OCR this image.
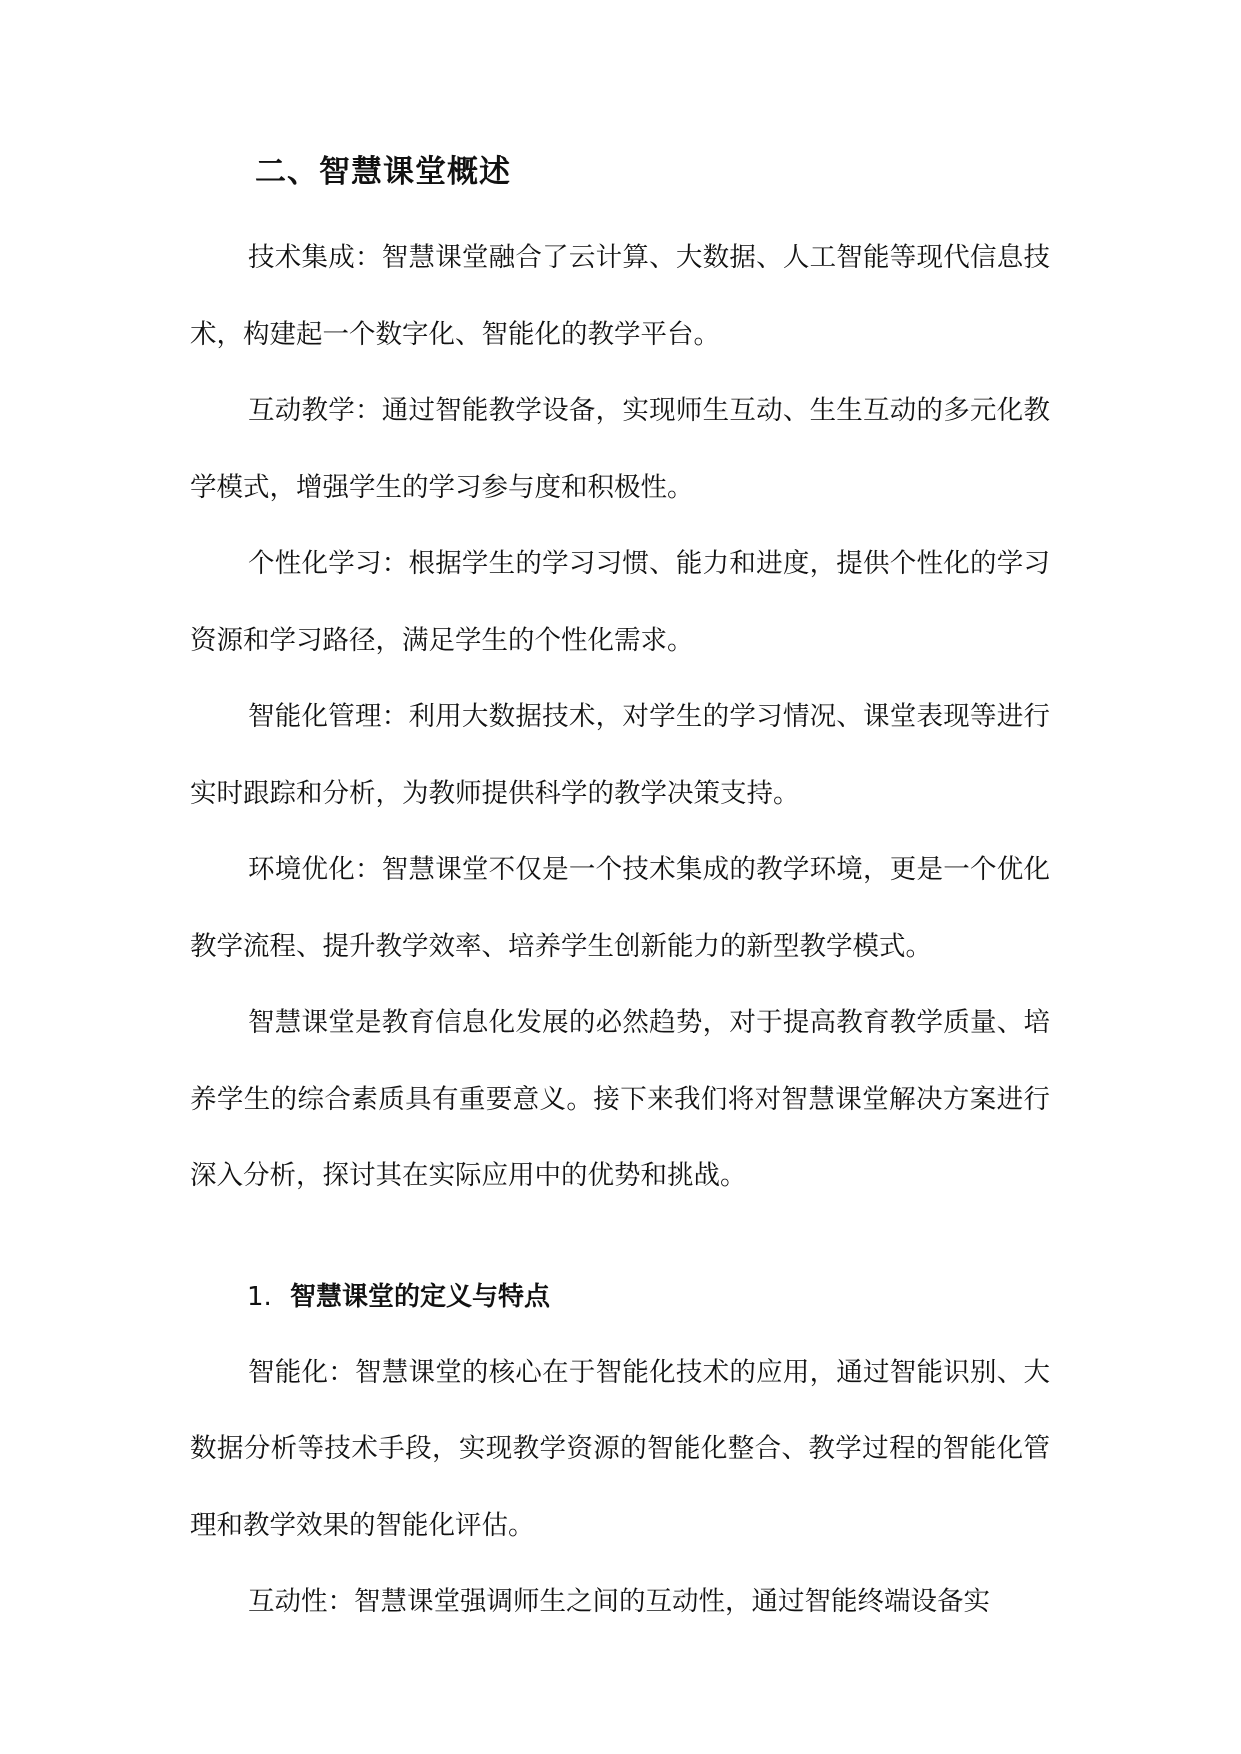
二、智慧课堂概述

技术集成：智慧课堂融合了云计算、大数据、人工智能等现代信息技术，构建起一个数字化、智能化的教学平台。

互动教学：通过智能教学设备，实现师生互动、生生互动的多元化教学模式，增强学生的学习参与度和积极性。

个性化学习：根据学生的学习习惯、能力和进度，提供个性化的学习资源和学习路径，满足学生的个性化需求。

智能化管理：利用大数据技术，对学生的学习情况、课堂表现等进行实时跟踪和分析，为教师提供科学的教学决策支持。

环境优化：智慧课堂不仅是一个技术集成的教学环境，更是一个优化教学流程、提升教学效率、培养学生创新能力的新型教学模式。

智慧课堂是教育信息化发展的必然趋势，对于提高教育教学质量、培养学生的综合素质具有重要意义。接下来我们将对智慧课堂解决方案进行深入分析，探讨其在实际应用中的优势和挑战。

1. 智慧课堂的定义与特点

智能化：智慧课堂的核心在于智能化技术的应用，通过智能识别、大数据分析等技术手段，实现教学资源的智能化整合、教学过程的智能化管理和教学效果的智能化评估。

互动性：智慧课堂强调师生之间的互动性，通过智能终端设备实
